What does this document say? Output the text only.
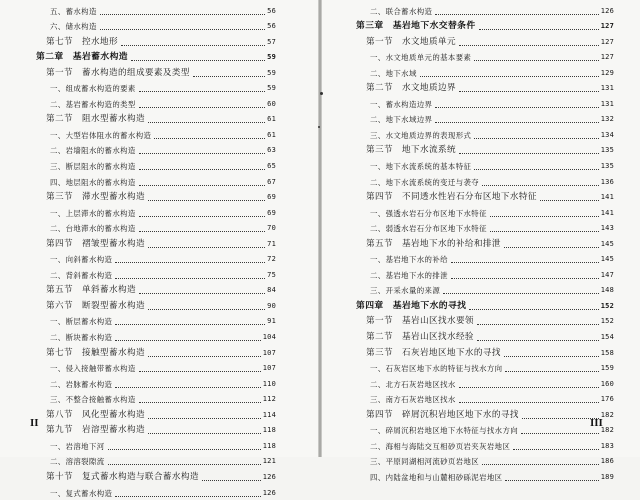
五、蓄水构造	56
六、储水构造	56
第七节　控水地形	57
第二章　基岩蓄水构造	59
第一节　蓄水构造的组成要素及类型	59
一、组成蓄水构造的要素	59
二、基岩蓄水构造的类型	60
第二节　阻水型蓄水构造	61
一、大型岩体阻水的蓄水构造	61
二、岩墙阻水的蓄水构造	63
三、断层阻水的蓄水构造	65
四、地层阻水的蓄水构造	67
第三节　滞水型蓄水构造	69
一、上层滞水的蓄水构造	69
二、台地滞水的蓄水构造	70
第四节　褶皱型蓄水构造	71
一、向斜蓄水构造	72
二、背斜蓄水构造	75
第五节　单斜蓄水构造	84
第六节　断裂型蓄水构造	90
一、断层蓄水构造	91
二、断块蓄水构造	104
第七节　接触型蓄水构造	107
一、侵入接触带蓄水构造	107
二、岩脉蓄水构造	110
三、不整合接触蓄水构造	112
第八节　风化型蓄水构造	114
第九节　岩溶型蓄水构造	118
一、岩溶地下河	118
二、溶溶裂隙流	121
第十节　复式蓄水构造与联合蓄水构造	126
一、复式蓄水构造	126
II
二、联合蓄水构造	126
第三章　基岩地下水交替条件	127
第一节　水文地质单元	127
一、水文地质单元的基本要素	127
二、地下水域	129
第二节　水文地质边界	131
一、蓄水构造边界	131
二、地下水域边界	132
三、水文地质边界的表现形式	134
第三节　地下水流系统	135
一、地下水流系统的基本特征	135
二、地下水流系统的变迁与袭夺	136
第四节　不同透水性岩石分布区地下水特征	141
一、强透水岩石分布区地下水特征	141
二、弱透水岩石分布区地下水特征	143
第五节　基岩地下水的补给和排泄	145
一、基岩地下水的补给	145
二、基岩地下水的排泄	147
三、开采水量的来源	148
第四章　基岩地下水的寻找	152
第一节　基岩山区找水要领	152
第二节　基岩山区找水经验	154
第三节　石灰岩地区地下水的寻找	158
一、石灰岩区地下水的特征与找水方向	159
二、北方石灰岩地区找水	160
三、南方石灰岩地区找水	176
第四节　碎屑沉积岩地区地下水的寻找	182
一、碎屑沉积岩地区地下水特征与找水方向	182
二、海相与海陆交互相砂页岩夹灰岩地区	183
三、平原同湖相河流砂页岩地区	186
四、内陆盆地和与山麓相砂砾泥岩地区	189
III
